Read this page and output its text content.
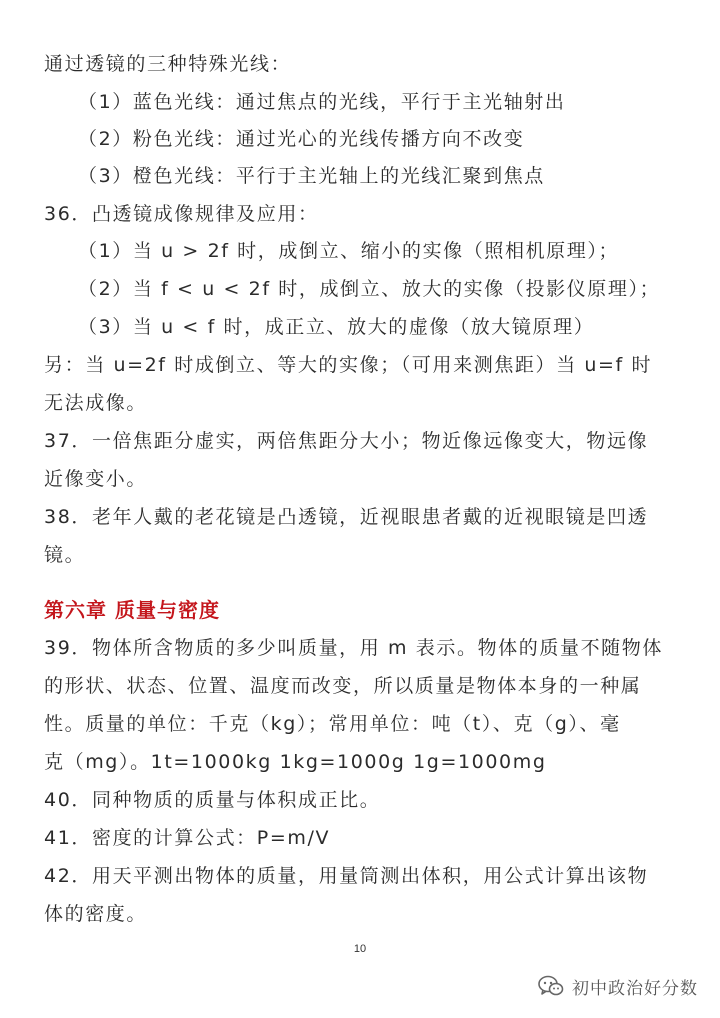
通过透镜的三种特殊光线：
（1）蓝色光线：通过焦点的光线，平行于主光轴射出
（2）粉色光线：通过光心的光线传播方向不改变
（3）橙色光线：平行于主光轴上的光线汇聚到焦点
36．凸透镜成像规律及应用：
（1）当 u > 2f 时，成倒立、缩小的实像（照相机原理）；
（2）当 f < u < 2f 时，成倒立、放大的实像（投影仪原理）；
（3）当 u < f 时，成正立、放大的虚像（放大镜原理）
另：当 u=2f 时成倒立、等大的实像；（可用来测焦距）当 u=f 时
无法成像。
37．一倍焦距分虚实，两倍焦距分大小；物近像远像变大，物远像
近像变小。
38．老年人戴的老花镜是凸透镜，近视眼患者戴的近视眼镜是凹透
镜。
第六章 质量与密度
39．物体所含物质的多少叫质量，用 m 表示。物体的质量不随物体
的形状、状态、位置、温度而改变，所以质量是物体本身的一种属
性。质量的单位：千克（kg）；常用单位：吨（t）、克（g）、毫
克（mg）。1t=1000kg 1kg=1000g 1g=1000mg
40．同种物质的质量与体积成正比。
41．密度的计算公式：P=m/V
42．用天平测出物体的质量，用量筒测出体积，用公式计算出该物
体的密度。
10
初中政治好分数
